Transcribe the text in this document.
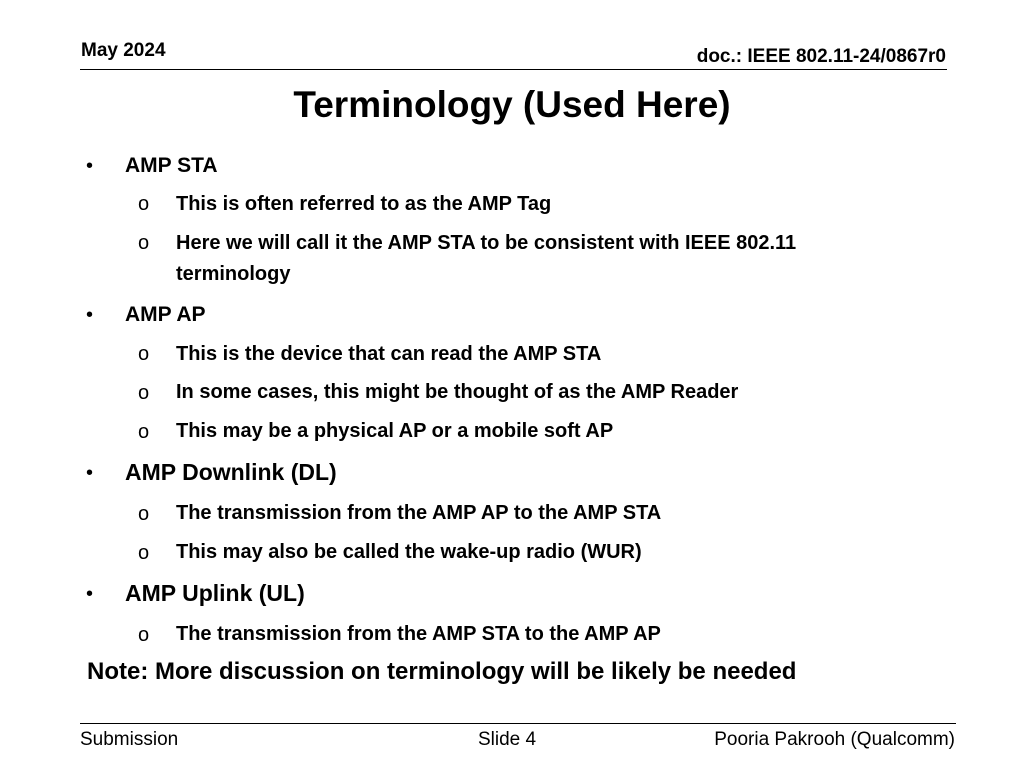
May 2024	doc.: IEEE 802.11-24/0867r0
Terminology (Used Here)
• AMP STA
o This is often referred to as the AMP Tag
o Here we will call it the AMP STA to be consistent with IEEE 802.11
terminology
• AMP AP
o This is the device that can read the AMP STA
o In some cases, this might be thought of as the AMP Reader
o This may be a physical AP or a mobile soft AP
• AMP Downlink (DL)
o The transmission from the AMP AP to the AMP STA
o This may also be called the wake-up radio (WUR)
• AMP Uplink (UL)
o The transmission from the AMP STA to the AMP AP
Note: More discussion on terminology will be likely be needed
Submission	Slide 4	Pooria Pakrooh (Qualcomm)
